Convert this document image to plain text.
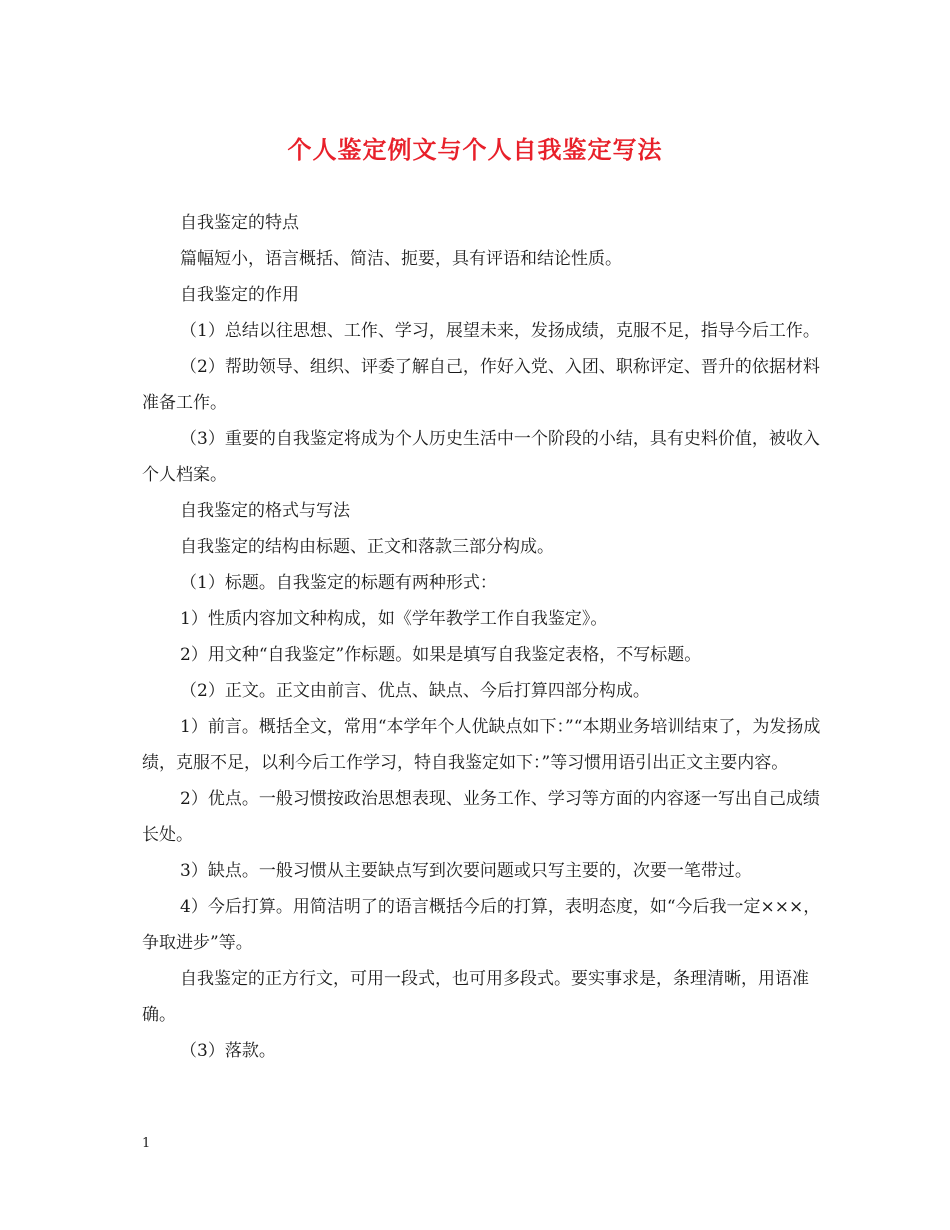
个人鉴定例文与个人自我鉴定写法

自我鉴定的特点

篇幅短小，语言概括、简洁、扼要，具有评语和结论性质。

自我鉴定的作用

（1）总结以往思想、工作、学习，展望未来，发扬成绩，克服不足，指导今后工作。

（2）帮助领导、组织、评委了解自己，作好入党、入团、职称评定、晋升的依据材料准备工作。

（3）重要的自我鉴定将成为个人历史生活中一个阶段的小结，具有史料价值，被收入个人档案。

自我鉴定的格式与写法

自我鉴定的结构由标题、正文和落款三部分构成。

（1）标题。自我鉴定的标题有两种形式：

1）性质内容加文种构成，如《学年教学工作自我鉴定》。

2）用文种“自我鉴定”作标题。如果是填写自我鉴定表格，不写标题。

（2）正文。正文由前言、优点、缺点、今后打算四部分构成。

1）前言。概括全文，常用“本学年个人优缺点如下：”“本期业务培训结束了，为发扬成绩，克服不足，以利今后工作学习，特自我鉴定如下：”等习惯用语引出正文主要内容。

2）优点。一般习惯按政治思想表现、业务工作、学习等方面的内容逐一写出自己成绩长处。

3）缺点。一般习惯从主要缺点写到次要问题或只写主要的，次要一笔带过。

4）今后打算。用简洁明了的语言概括今后的打算，表明态度，如“今后我一定×××，争取进步”等。

自我鉴定的正方行文，可用一段式，也可用多段式。要实事求是，条理清晰，用语准确。

（3）落款。

1
